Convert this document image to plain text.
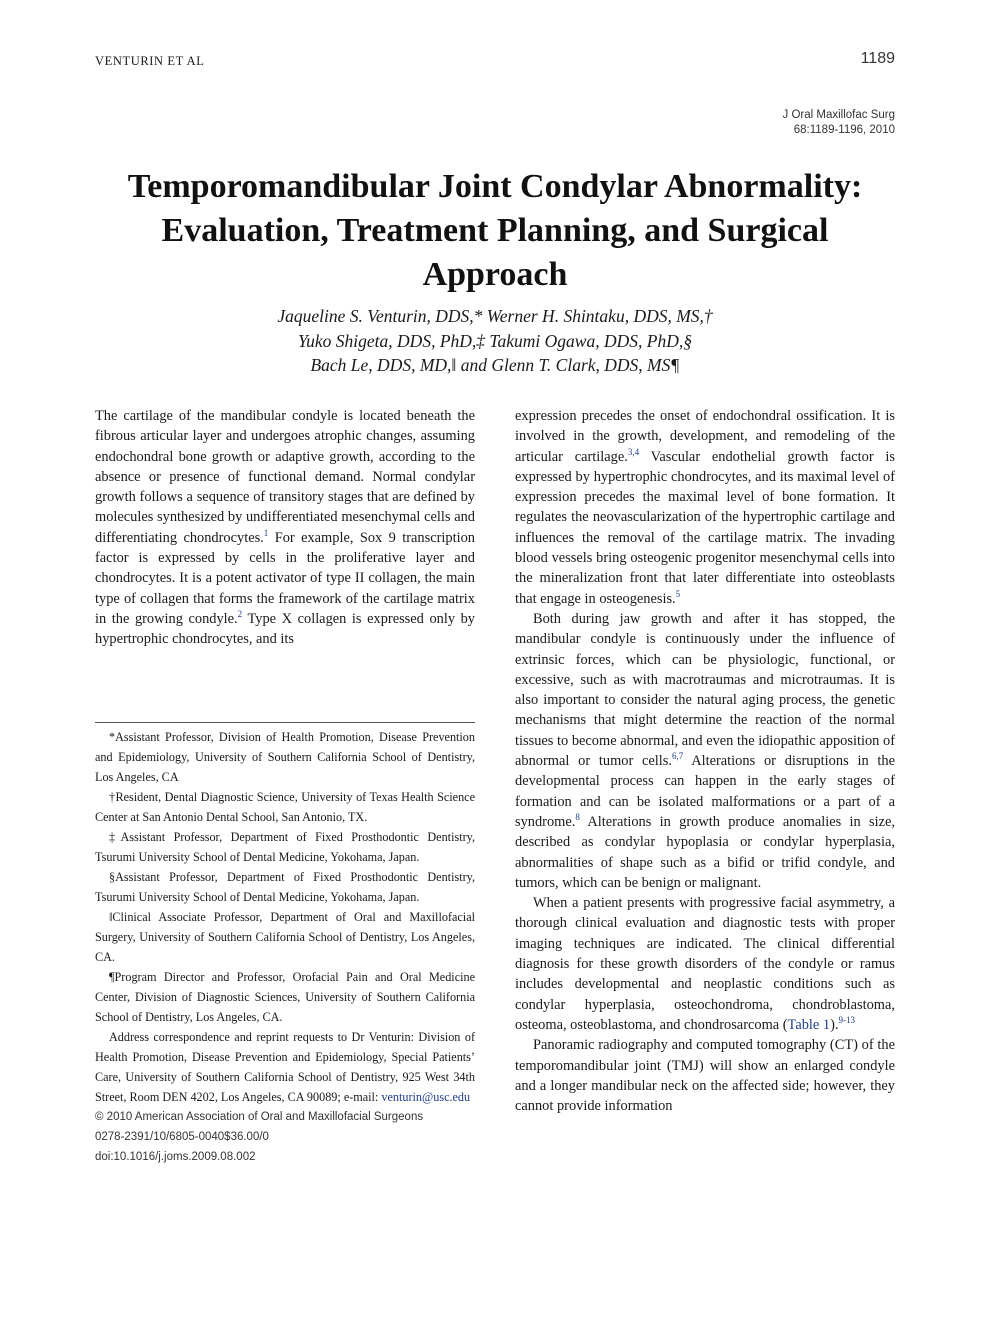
VENTURIN ET AL	1189
J Oral Maxillofac Surg
68:1189-1196, 2010
Temporomandibular Joint Condylar Abnormality: Evaluation, Treatment Planning, and Surgical Approach
Jaqueline S. Venturin, DDS,* Werner H. Shintaku, DDS, MS,†
Yuko Shigeta, DDS, PhD,‡ Takumi Ogawa, DDS, PhD,§
Bach Le, DDS, MD,‖ and Glenn T. Clark, DDS, MS¶

The cartilage of the mandibular condyle is located beneath the fibrous articular layer and undergoes atrophic changes, assuming endochondral bone growth or adaptive growth, according to the absence or presence of functional demand. Normal condylar growth follows a sequence of transitory stages that are defined by molecules synthesized by undifferentiated mesenchymal cells and differentiating chondrocytes.$^1$ For example, Sox 9 transcription factor is expressed by cells in the proliferative layer and chondrocytes. It is a potent activator of type II collagen, the main type of collagen that forms the framework of the cartilage matrix in the growing condyle.$^2$ Type X collagen is expressed only by hypertrophic chondrocytes, and its

*Assistant Professor, Division of Health Promotion, Disease Prevention and Epidemiology, University of Southern California School of Dentistry, Los Angeles, CA

†Resident, Dental Diagnostic Science, University of Texas Health Science Center at San Antonio Dental School, San Antonio, TX.

‡Assistant Professor, Department of Fixed Prosthodontic Dentistry, Tsurumi University School of Dental Medicine, Yokohama, Japan.

§Assistant Professor, Department of Fixed Prosthodontic Dentistry, Tsurumi University School of Dental Medicine, Yokohama, Japan.

‖Clinical Associate Professor, Department of Oral and Maxillofacial Surgery, University of Southern California School of Dentistry, Los Angeles, CA.

¶Program Director and Professor, Orofacial Pain and Oral Medicine Center, Division of Diagnostic Sciences, University of Southern California School of Dentistry, Los Angeles, CA.

Address correspondence and reprint requests to Dr Venturin: Division of Health Promotion, Disease Prevention and Epidemiology, Special Patients’ Care, University of Southern California School of Dentistry, 925 West 34th Street, Room DEN 4202, Los Angeles, CA 90089; e-mail: venturin@usc.edu

© 2010 American Association of Oral and Maxillofacial Surgeons

0278-2391/10/6805-0040$36.00/0

doi:10.1016/j.joms.2009.08.002

expression precedes the onset of endochondral ossification. It is involved in the growth, development, and remodeling of the articular cartilage.$^{3,4}$ Vascular endothelial growth factor is expressed by hypertrophic chondrocytes, and its maximal level of expression precedes the maximal level of bone formation. It regulates the neovascularization of the hypertrophic cartilage and influences the removal of the cartilage matrix. The invading blood vessels bring osteogenic progenitor mesenchymal cells into the mineralization front that later differentiate into osteoblasts that engage in osteogenesis.$^5$

Both during jaw growth and after it has stopped, the mandibular condyle is continuously under the influence of extrinsic forces, which can be physiologic, functional, or excessive, such as with macrotraumas and microtraumas. It is also important to consider the natural aging process, the genetic mechanisms that might determine the reaction of the normal tissues to become abnormal, and even the idiopathic apposition of abnormal or tumor cells.$^{6,7}$ Alterations or disruptions in the developmental process can happen in the early stages of formation and can be isolated malformations or a part of a syndrome.$^8$ Alterations in growth produce anomalies in size, described as condylar hypoplasia or condylar hyperplasia, abnormalities of shape such as a bifid or trifid condyle, and tumors, which can be benign or malignant.

When a patient presents with progressive facial asymmetry, a thorough clinical evaluation and diagnostic tests with proper imaging techniques are indicated. The clinical differential diagnosis for these growth disorders of the condyle or ramus includes developmental and neoplastic conditions such as condylar hyperplasia, osteochondroma, chondroblastoma, osteoma, osteoblastoma, and chondrosarcoma (Table 1).$^{9-13}$

Panoramic radiography and computed tomography (CT) of the temporomandibular joint (TMJ) will show an enlarged condyle and a longer mandibular neck on the affected side; however, they cannot provide information
